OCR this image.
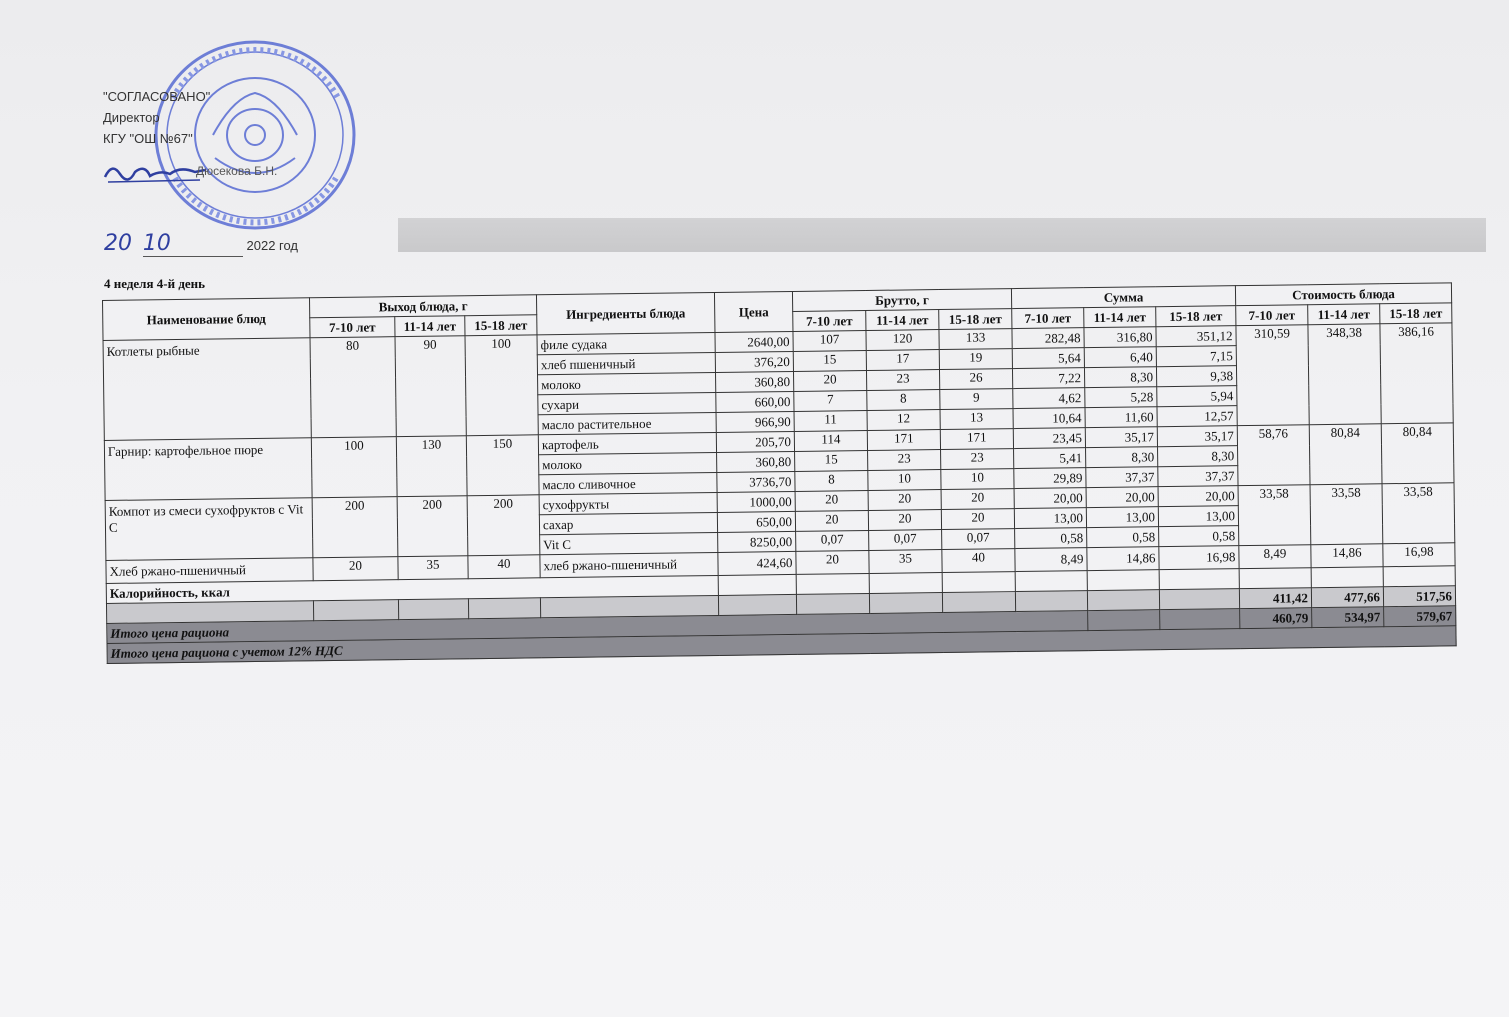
"СОГЛАСОВАНО"
Директор
КГУ "ОШ №67"
Дюсекова Б.Н.
20 10	2022 год
4 неделя 4-й день
Наименование блюд	Выход блюда, г			Ингредиенты блюда	Цена	Брутто, г			Сумма			Стоимость блюда		
	7-10 лет	11-14 лет	15-18 лет			7-10 лет	11-14 лет	15-18 лет	7-10 лет	11-14 лет	15-18 лет	7-10 лет	11-14 лет	15-18 лет
Котлеты рыбные	80	90	100	филе судака	2640,00	107	120	133	282,48	316,80	351,12	310,59	348,38	386,16
				хлеб пшеничный	376,20	15	17	19	5,64	6,40	7,15			
				молоко	360,80	20	23	26	7,22	8,30	9,38			
				сухари	660,00	7	8	9	4,62	5,28	5,94			
				масло растительное	966,90	11	12	13	10,64	11,60	12,57			
Гарнир: картофельное пюре	100	130	150	картофель	205,70	114	171	171	23,45	35,17	35,17	58,76	80,84	80,84
				молоко	360,80	15	23	23	5,41	8,30	8,30			
				масло сливочное	3736,70	8	10	10	29,89	37,37	37,37			
Компот из смеси сухофруктов с Vit C	200	200	200	сухофрукты	1000,00	20	20	20	20,00	20,00	20,00	33,58	33,58	33,58
				сахар	650,00	20	20	20	13,00	13,00	13,00			
				Vit C	8250,00	0,07	0,07	0,07	0,58	0,58	0,58			
Хлеб ржано-пшеничный	20	35	40	хлеб ржано-пшеничный	424,60	20	35	40	8,49	14,86	16,98	8,49	14,86	16,98
Калорийность, ккал														
												411,42	477,66	517,56
Итого цена рациона												460,79	534,97	579,67
Итого цена рациона с учетом 12% НДС														
